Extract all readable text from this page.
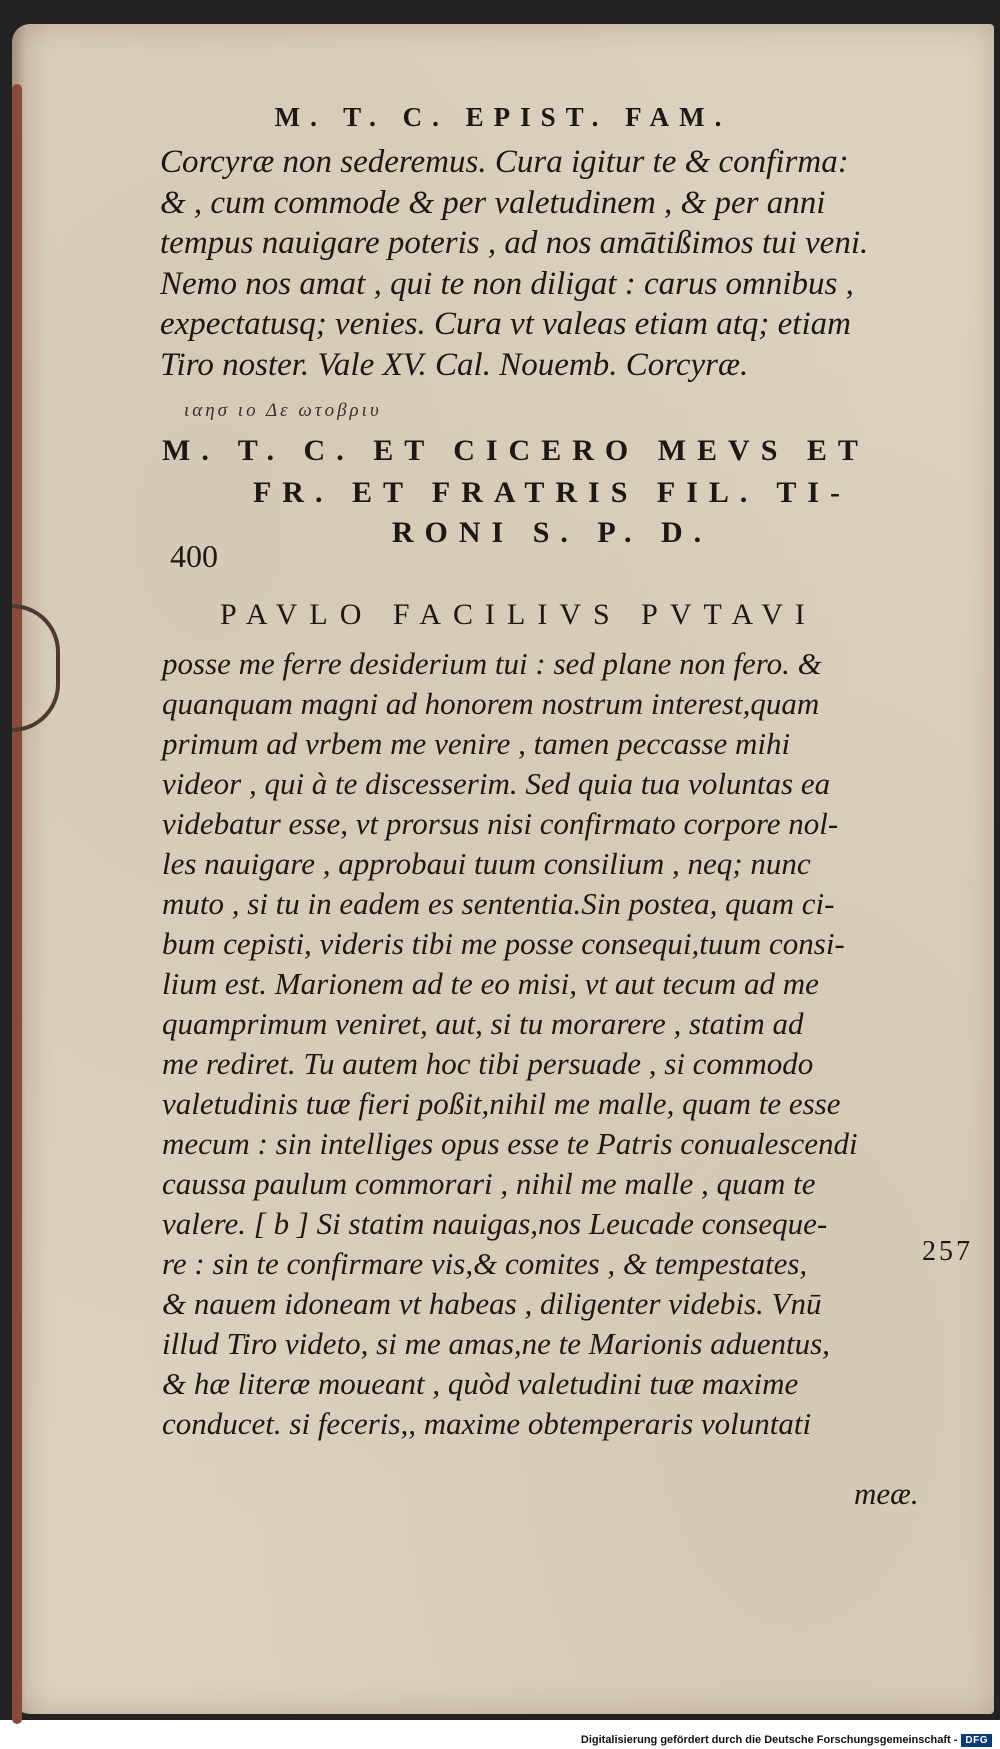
M. T. C. EPIST. FAM.
Corcyræ non sederemus. Cura igitur te & confirma:
& , cum commode & per valetudinem , & per anni
tempus nauigare poteris , ad nos amātißimos tui veni.
Nemo nos amat , qui te non diligat : carus omnibus ,
expectatusq; venies. Cura vt valeas etiam atq; etiam
Tiro noster. Vale XV. Cal. Nouemb. Corcyræ.
ιαησ ιο Δε ωτοβριυ
M. T. C. ET CICERO MEVS ET
FR. ET FRATRIS FIL. TI-
RONI S. P. D.
400
PAVLO FACILIVS PVTAVI
posse me ferre desiderium tui : sed plane non fero. &
quanquam magni ad honorem nostrum interest,quam
primum ad vrbem me venire , tamen peccasse mihi
videor , qui à te discesserim. Sed quia tua voluntas ea
videbatur esse, vt prorsus nisi confirmato corpore nol-
les nauigare , approbaui tuum consilium , neq; nunc
muto , si tu in eadem es sententia.Sin postea, quam ci-
bum cepisti, videris tibi me posse consequi,tuum consi-
lium est. Marionem ad te eo misi, vt aut tecum ad me
quamprimum veniret, aut, si tu morarere , statim ad
me rediret. Tu autem hoc tibi persuade , si commodo
valetudinis tuæ fieri poßit,nihil me malle, quam te esse
mecum : sin intelliges opus esse te Patris conualescendi
caussa paulum commorari , nihil me malle , quam te
valere. [ b ] Si statim nauigas,nos Leucade conseque-
re : sin te confirmare vis,& comites , & tempestates,
& nauem idoneam vt habeas , diligenter videbis. Vnū
illud Tiro videto, si me amas,ne te Marionis aduentus,
& hæ literæ moueant , quòd valetudini tuæ maxime
conducet. si feceris,, maxime obtemperaris voluntati
257
meæ.
Digitalisierung gefördert durch die Deutsche Forschungsgemeinschaft - DFG
